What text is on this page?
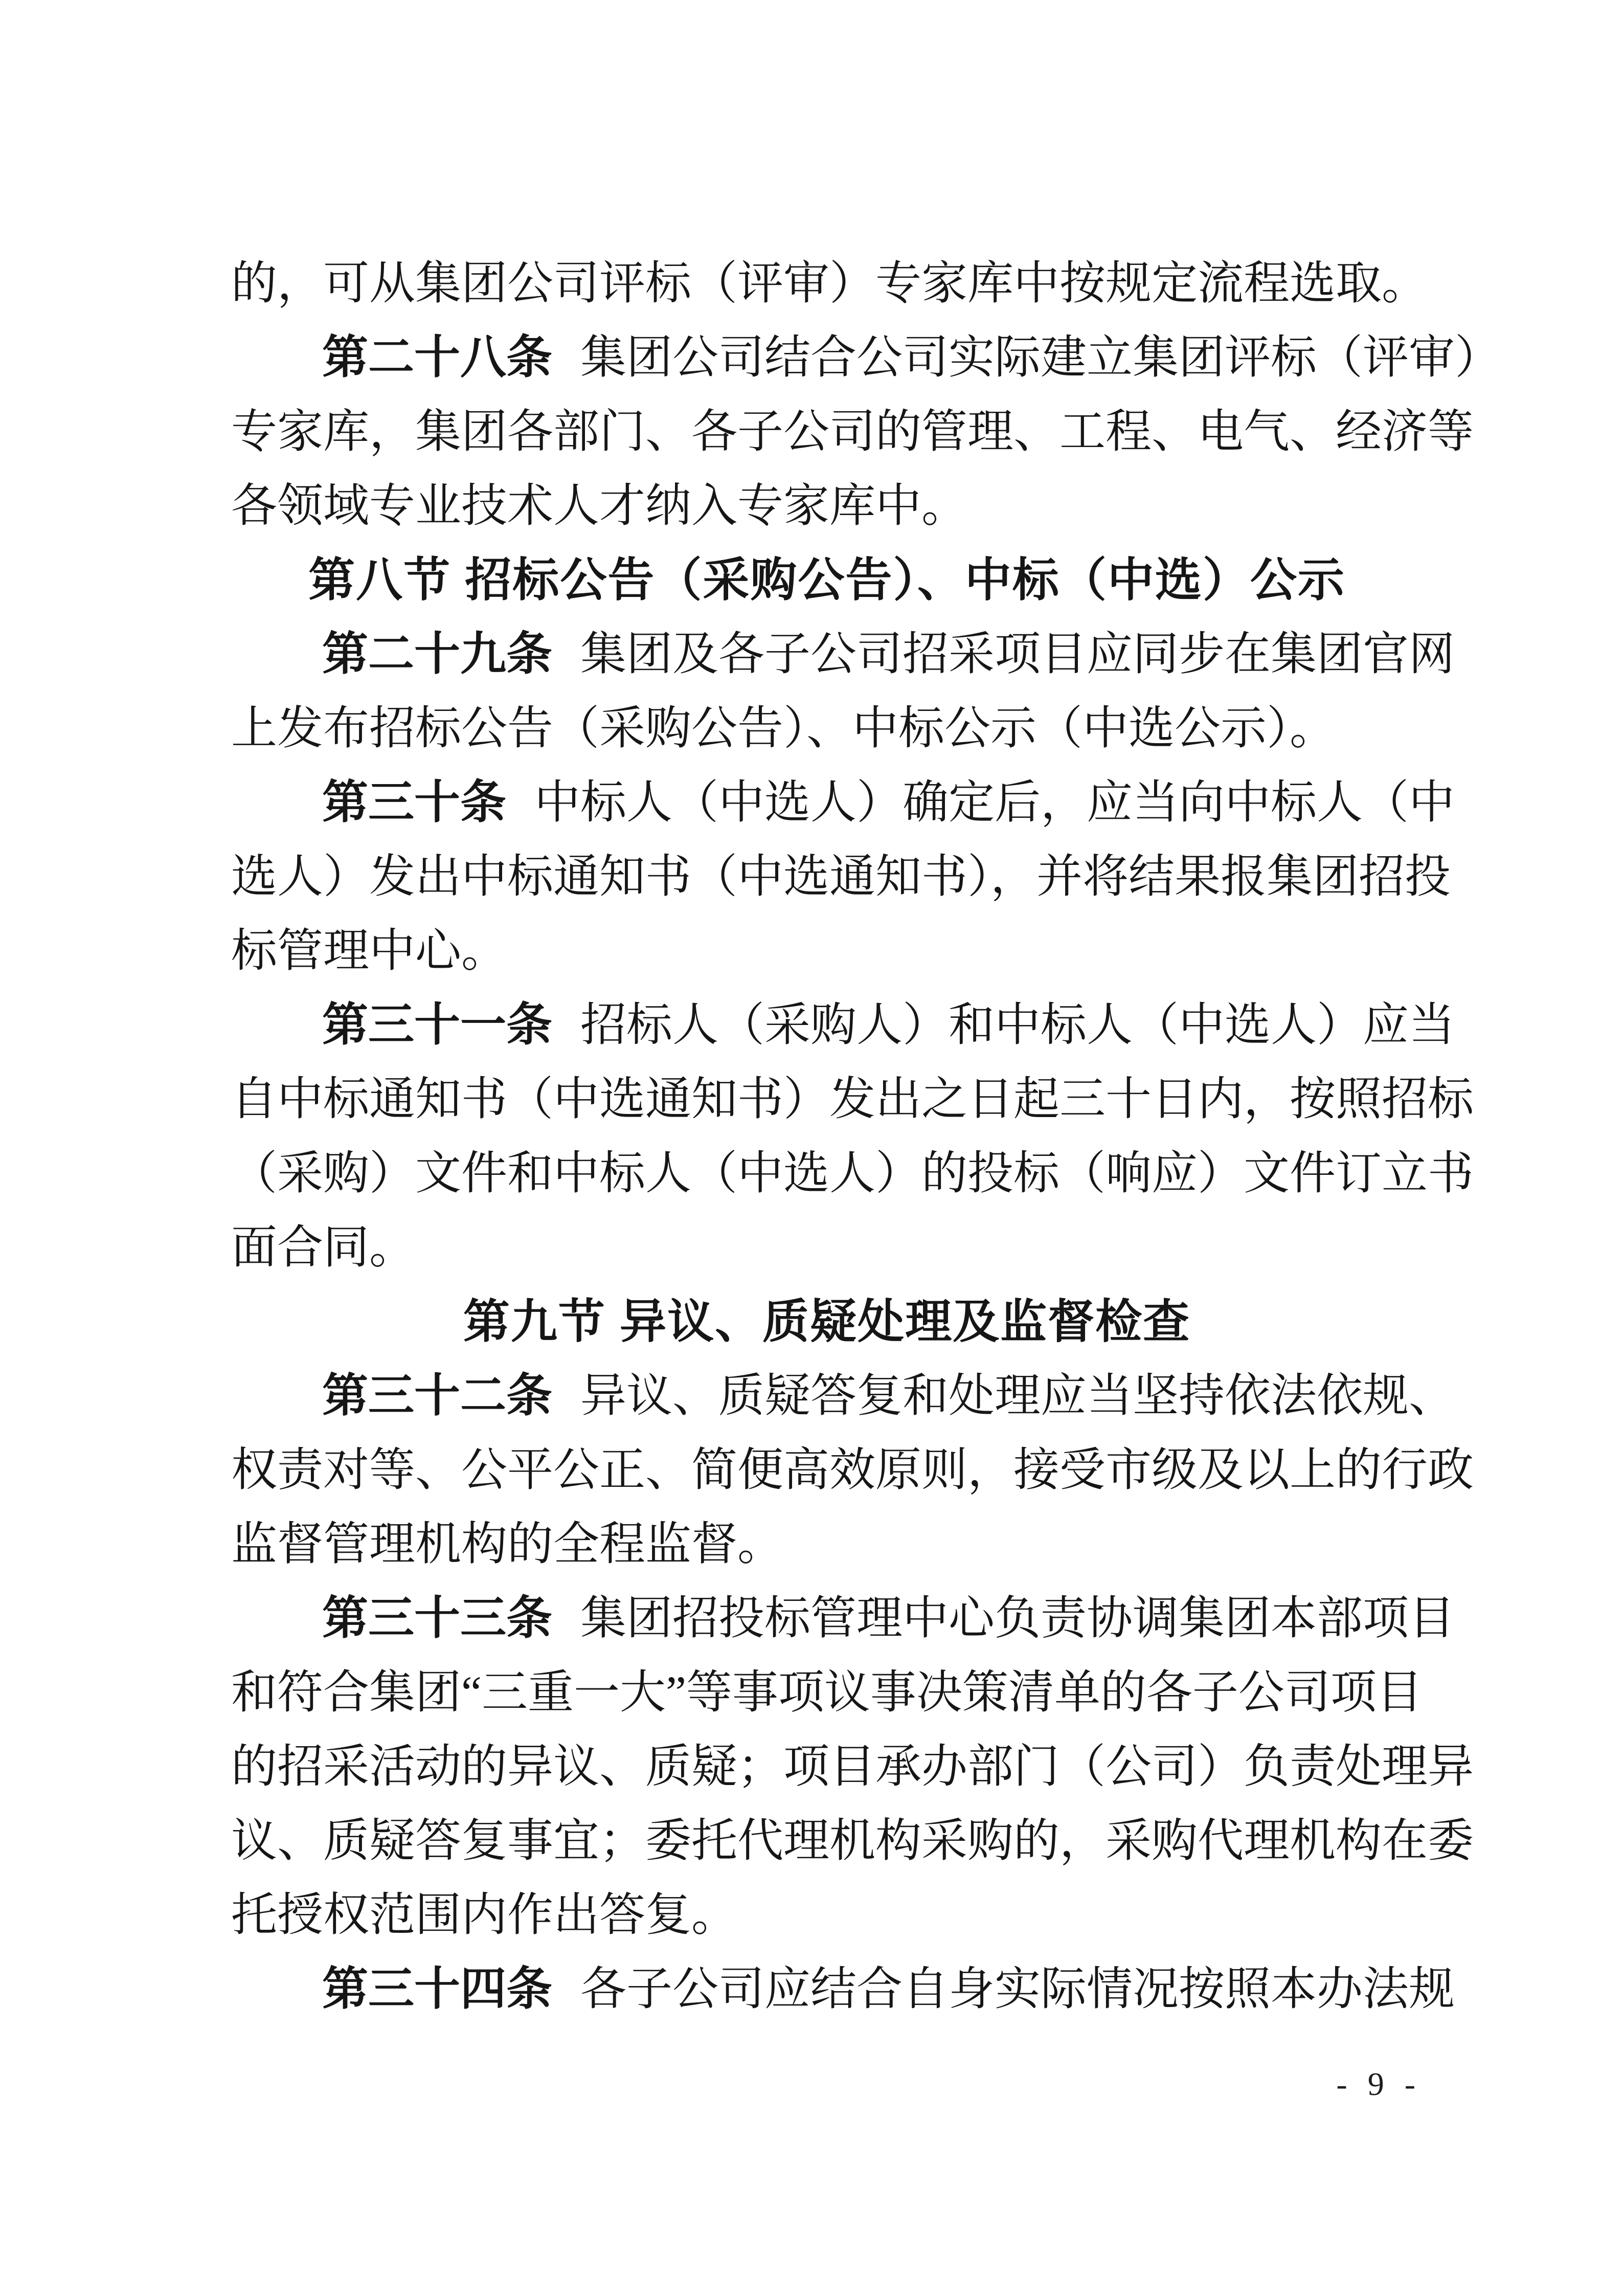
的，可从集团公司评标（评审）专家库中按规定流程选取。
第二十八条 集团公司结合公司实际建立集团评标（评审）
专家库，集团各部门、各子公司的管理、工程、电气、经济等
各领域专业技术人才纳入专家库中。
第八节 招标公告（采购公告）、中标（中选）公示
第二十九条 集团及各子公司招采项目应同步在集团官网
上发布招标公告（采购公告）、中标公示（中选公示）。
第三十条 中标人（中选人）确定后，应当向中标人（中
选人）发出中标通知书（中选通知书），并将结果报集团招投
标管理中心。
第三十一条 招标人（采购人）和中标人（中选人）应当
自中标通知书（中选通知书）发出之日起三十日内，按照招标
（采购）文件和中标人（中选人）的投标（响应）文件订立书
面合同。
第九节 异议、质疑处理及监督检查
第三十二条 异议、质疑答复和处理应当坚持依法依规、
权责对等、公平公正、简便高效原则，接受市级及以上的行政
监督管理机构的全程监督。
第三十三条 集团招投标管理中心负责协调集团本部项目
和符合集团“三重一大”等事项议事决策清单的各子公司项目
的招采活动的异议、质疑；项目承办部门（公司）负责处理异
议、质疑答复事宜；委托代理机构采购的，采购代理机构在委
托授权范围内作出答复。
第三十四条 各子公司应结合自身实际情况按照本办法规
- 9 -
